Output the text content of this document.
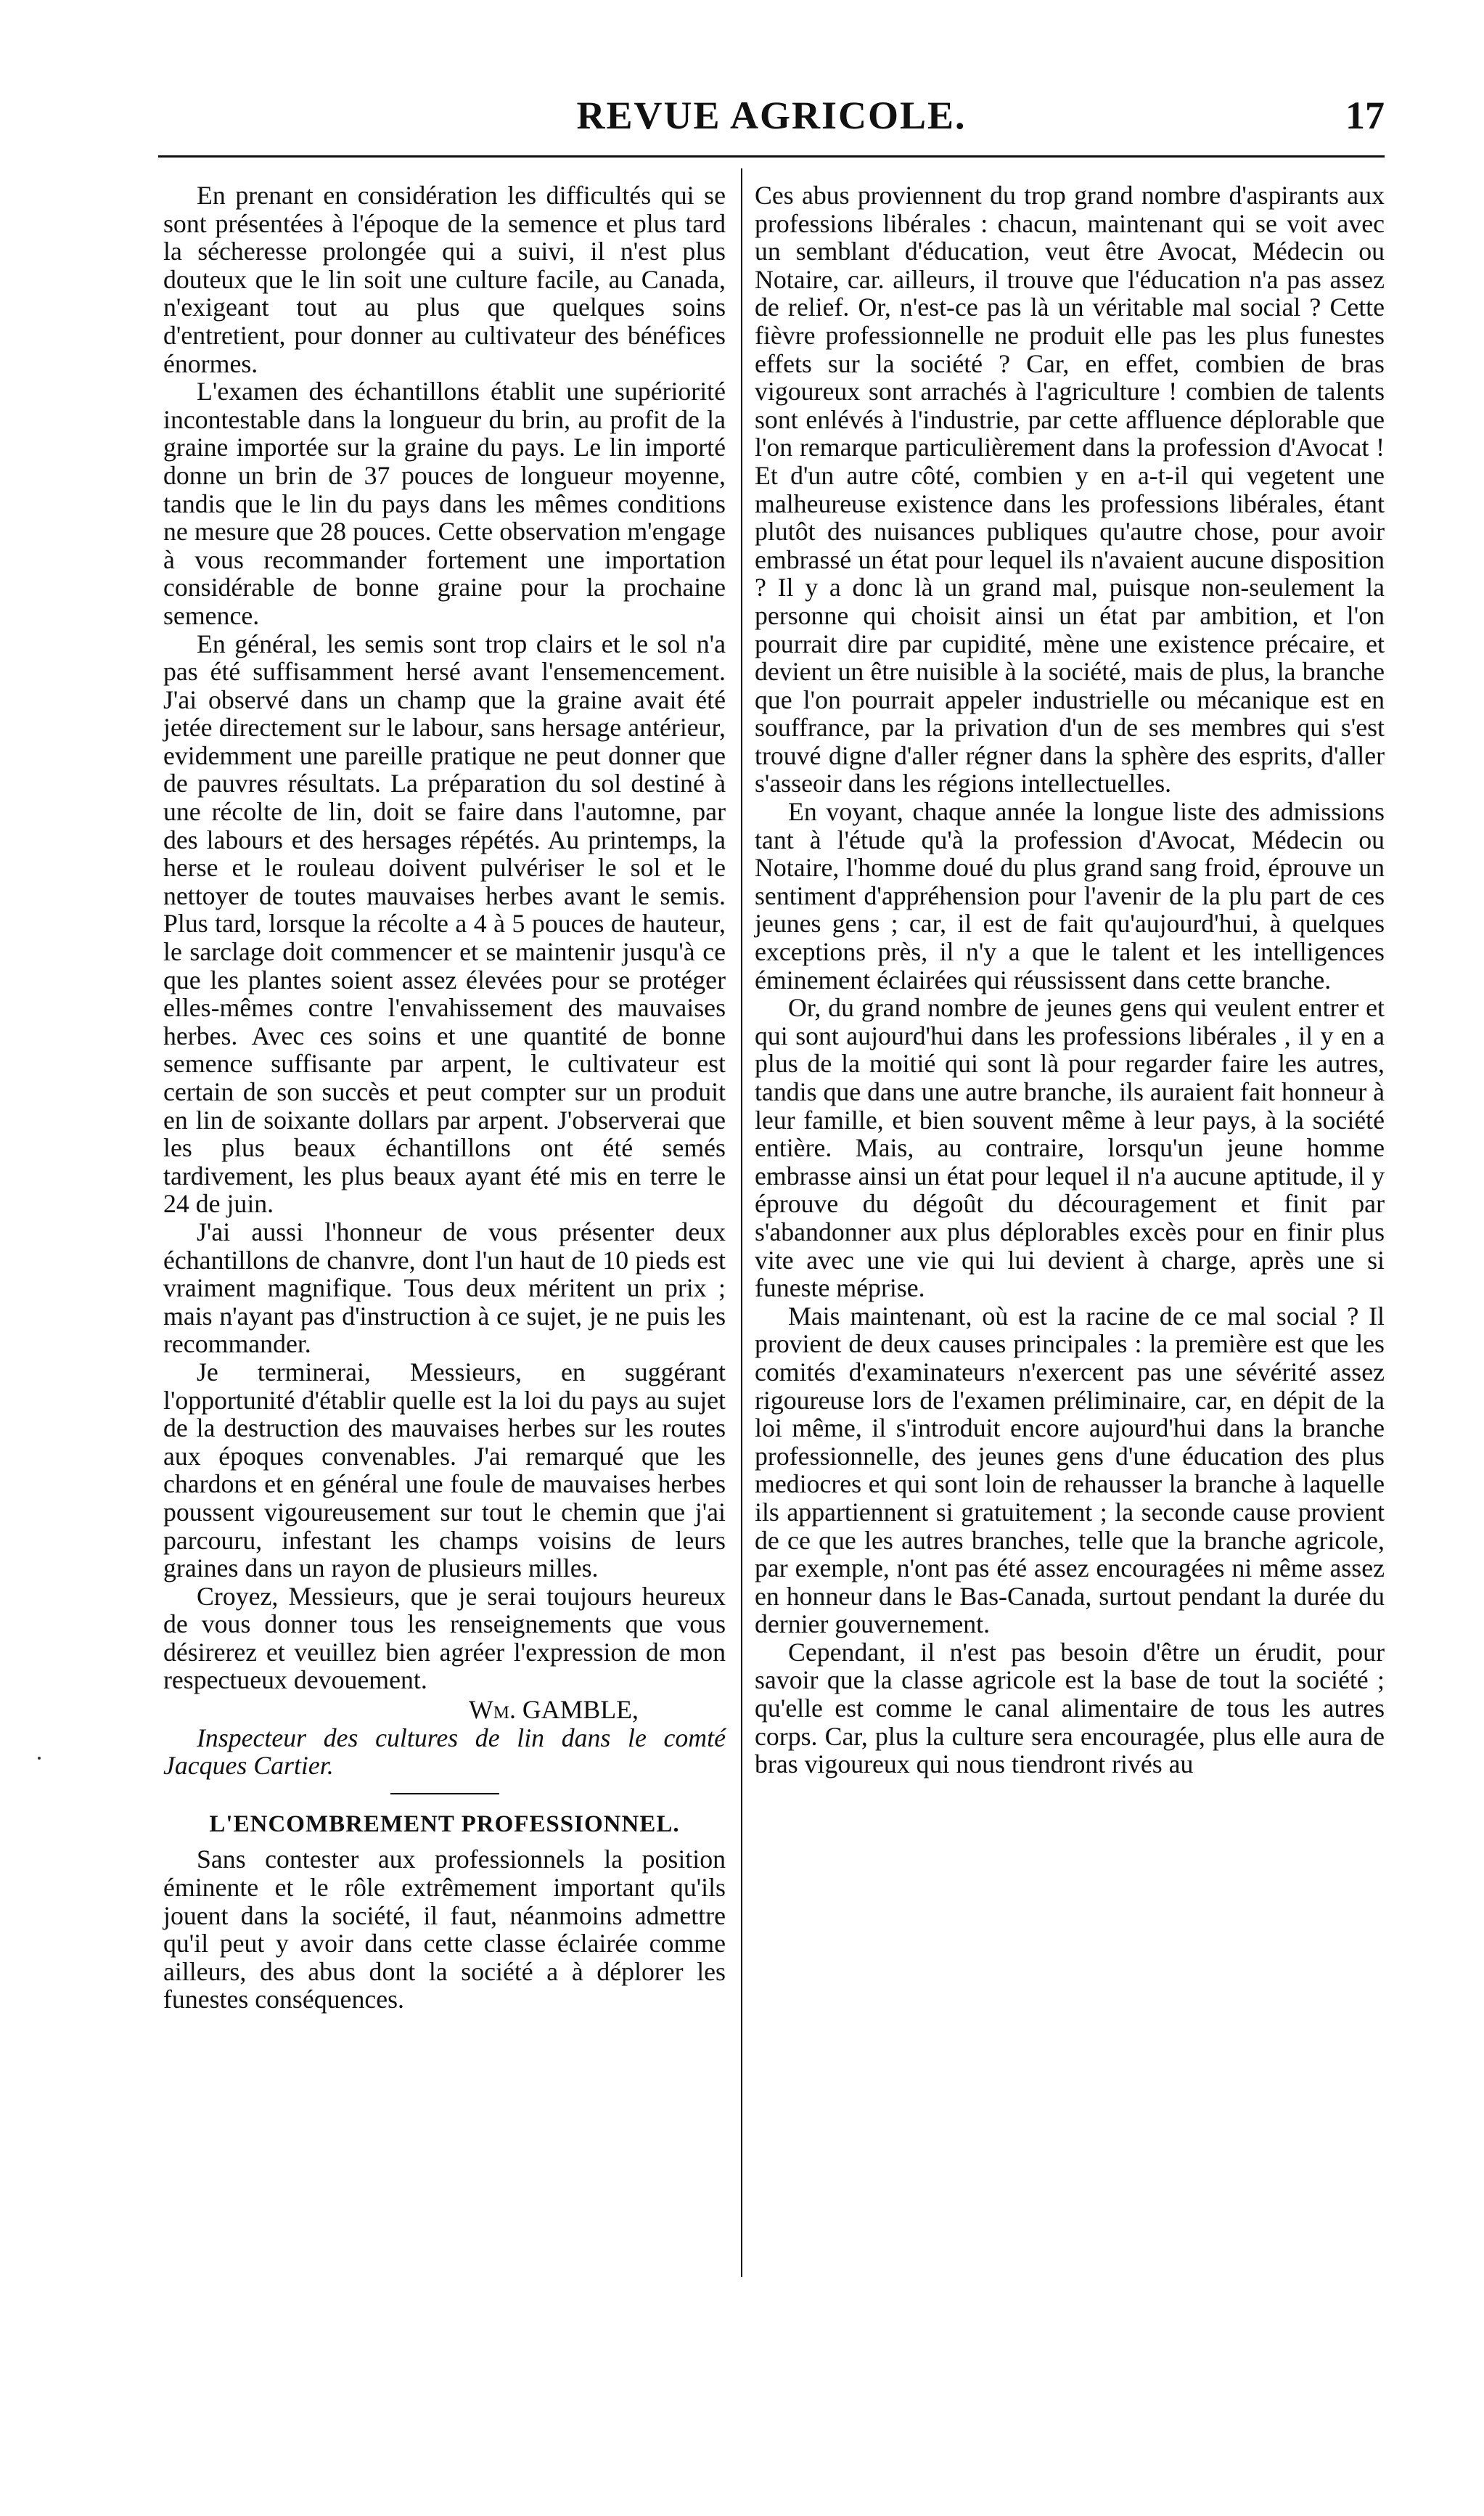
REVUE AGRICOLE.	17

En prenant en considération les difficultés qui se sont présentées à l'époque de la semence et plus tard la sécheresse prolongée qui a suivi, il n'est plus douteux que le lin soit une culture facile, au Canada, n'exigeant tout au plus que quelques soins d'entretient, pour donner au cultivateur des bénéfices énormes.

L'examen des échantillons établit une supériorité incontestable dans la longueur du brin, au profit de la graine importée sur la graine du pays. Le lin importé donne un brin de 37 pouces de longueur moyenne, tandis que le lin du pays dans les mêmes conditions ne mesure que 28 pouces. Cette observation m'engage à vous recommander fortement une importation considérable de bonne graine pour la prochaine semence.

En général, les semis sont trop clairs et le sol n'a pas été suffisamment hersé avant l'ensemencement. J'ai observé dans un champ que la graine avait été jetée directement sur le labour, sans hersage antérieur, evidemment une pareille pratique ne peut donner que de pauvres résultats. La préparation du sol destiné à une récolte de lin, doit se faire dans l'automne, par des labours et des hersages répétés. Au printemps, la herse et le rouleau doivent pulvériser le sol et le nettoyer de toutes mauvaises herbes avant le semis. Plus tard, lorsque la récolte a 4 à 5 pouces de hauteur, le sarclage doit commencer et se maintenir jusqu'à ce que les plantes soient assez élevées pour se protéger elles-mêmes contre l'envahissement des mauvaises herbes. Avec ces soins et une quantité de bonne semence suffisante par arpent, le cultivateur est certain de son succès et peut compter sur un produit en lin de soixante dollars par arpent. J'observerai que les plus beaux échantillons ont été semés tardivement, les plus beaux ayant été mis en terre le 24 de juin.

J'ai aussi l'honneur de vous présenter deux échantillons de chanvre, dont l'un haut de 10 pieds est vraiment magnifique. Tous deux méritent un prix ; mais n'ayant pas d'instruction à ce sujet, je ne puis les recommander.

Je terminerai, Messieurs, en suggérant l'opportunité d'établir quelle est la loi du pays au sujet de la destruction des mauvaises herbes sur les routes aux époques convenables. J'ai remarqué que les chardons et en général une foule de mauvaises herbes poussent vigoureusement sur tout le chemin que j'ai parcouru, infestant les champs voisins de leurs graines dans un rayon de plusieurs milles.

Croyez, Messieurs, que je serai toujours heureux de vous donner tous les renseignements que vous désirerez et veuillez bien agréer l'expression de mon respectueux devouement.

Wm. GAMBLE,

Inspecteur des cultures de lin dans le comté Jacques Cartier.

L'ENCOMBREMENT PROFESSIONNEL.

Sans contester aux professionnels la position éminente et le rôle extrêmement important qu'ils jouent dans la société, il faut, néanmoins admettre qu'il peut y avoir dans cette classe éclairée comme ailleurs, des abus dont la société a à déplorer les funestes conséquences.

Ces abus proviennent du trop grand nombre d'aspirants aux professions libérales : chacun, maintenant qui se voit avec un semblant d'éducation, veut être Avocat, Médecin ou Notaire, car. ailleurs, il trouve que l'éducation n'a pas assez de relief. Or, n'est-ce pas là un véritable mal social ? Cette fièvre professionnelle ne produit elle pas les plus funestes effets sur la société ? Car, en effet, combien de bras vigoureux sont arrachés à l'agriculture ! combien de talents sont enlévés à l'industrie, par cette affluence déplorable que l'on remarque particulièrement dans la profession d'Avocat ! Et d'un autre côté, combien y en a-t-il qui vegetent une malheureuse existence dans les professions libérales, étant plutôt des nuisances publiques qu'autre chose, pour avoir embrassé un état pour lequel ils n'avaient aucune disposition ? Il y a donc là un grand mal, puisque non-seulement la personne qui choisit ainsi un état par ambition, et l'on pourrait dire par cupidité, mène une existence précaire, et devient un être nuisible à la société, mais de plus, la branche que l'on pourrait appeler industrielle ou mécanique est en souffrance, par la privation d'un de ses membres qui s'est trouvé digne d'aller régner dans la sphère des esprits, d'aller s'asseoir dans les régions intellectuelles.

En voyant, chaque année la longue liste des admissions tant à l'étude qu'à la profession d'Avocat, Médecin ou Notaire, l'homme doué du plus grand sang froid, éprouve un sentiment d'appréhension pour l'avenir de la plu part de ces jeunes gens ; car, il est de fait qu'aujourd'hui, à quelques exceptions près, il n'y a que le talent et les intelligences éminement éclairées qui réussissent dans cette branche.

Or, du grand nombre de jeunes gens qui veulent entrer et qui sont aujourd'hui dans les professions libérales , il y en a plus de la moitié qui sont là pour regarder faire les autres, tandis que dans une autre branche, ils auraient fait honneur à leur famille, et bien souvent même à leur pays, à la société entière. Mais, au contraire, lorsqu'un jeune homme embrasse ainsi un état pour lequel il n'a aucune aptitude, il y éprouve du dégoût du découragement et finit par s'abandonner aux plus déplorables excès pour en finir plus vite avec une vie qui lui devient à charge, après une si funeste méprise.

Mais maintenant, où est la racine de ce mal social ? Il provient de deux causes principales : la première est que les comités d'examinateurs n'exercent pas une sévérité assez rigoureuse lors de l'examen préliminaire, car, en dépit de la loi même, il s'introduit encore aujourd'hui dans la branche professionnelle, des jeunes gens d'une éducation des plus mediocres et qui sont loin de rehausser la branche à laquelle ils appartiennent si gratuitement ; la seconde cause provient de ce que les autres branches, telle que la branche agricole, par exemple, n'ont pas été assez encouragées ni même assez en honneur dans le Bas-Canada, surtout pendant la durée du dernier gouvernement.

Cependant, il n'est pas besoin d'être un érudit, pour savoir que la classe agricole est la base de tout la société ; qu'elle est comme le canal alimentaire de tous les autres corps. Car, plus la culture sera encouragée, plus elle aura de bras vigoureux qui nous tiendront rivés au
